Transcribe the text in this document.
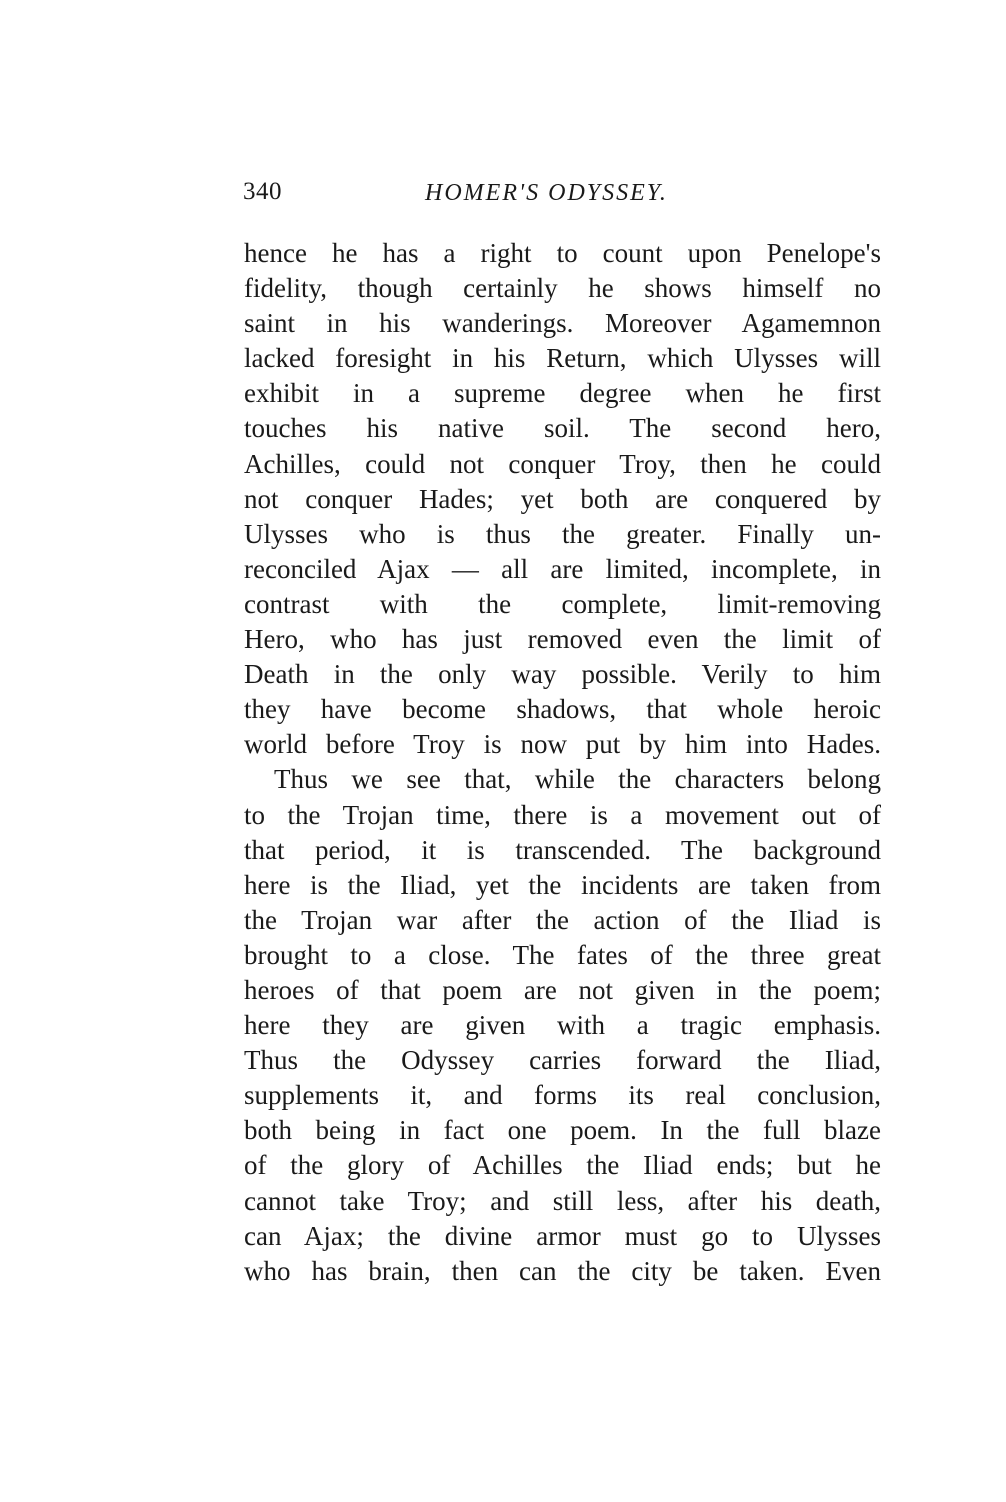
340	HOMER'S ODYSSEY.
hence he has a right to count upon Penelope's
fidelity, though certainly he shows himself no
saint in his wanderings. Moreover Agamemnon
lacked foresight in his Return, which Ulysses will
exhibit in a supreme degree when he first
touches his native soil. The second hero,
Achilles, could not conquer Troy, then he could
not conquer Hades; yet both are conquered by
Ulysses who is thus the greater. Finally un-
reconciled Ajax — all are limited, incomplete, in
contrast with the complete, limit-removing
Hero, who has just removed even the limit of
Death in the only way possible. Verily to him
they have become shadows, that whole heroic
world before Troy is now put by him into Hades.
Thus we see that, while the characters belong
to the Trojan time, there is a movement out of
that period, it is transcended. The background
here is the Iliad, yet the incidents are taken from
the Trojan war after the action of the Iliad is
brought to a close. The fates of the three great
heroes of that poem are not given in the poem;
here they are given with a tragic emphasis.
Thus the Odyssey carries forward the Iliad,
supplements it, and forms its real conclusion,
both being in fact one poem. In the full blaze
of the glory of Achilles the Iliad ends; but he
cannot take Troy; and still less, after his death,
can Ajax; the divine armor must go to Ulysses
who has brain, then can the city be taken. Even
